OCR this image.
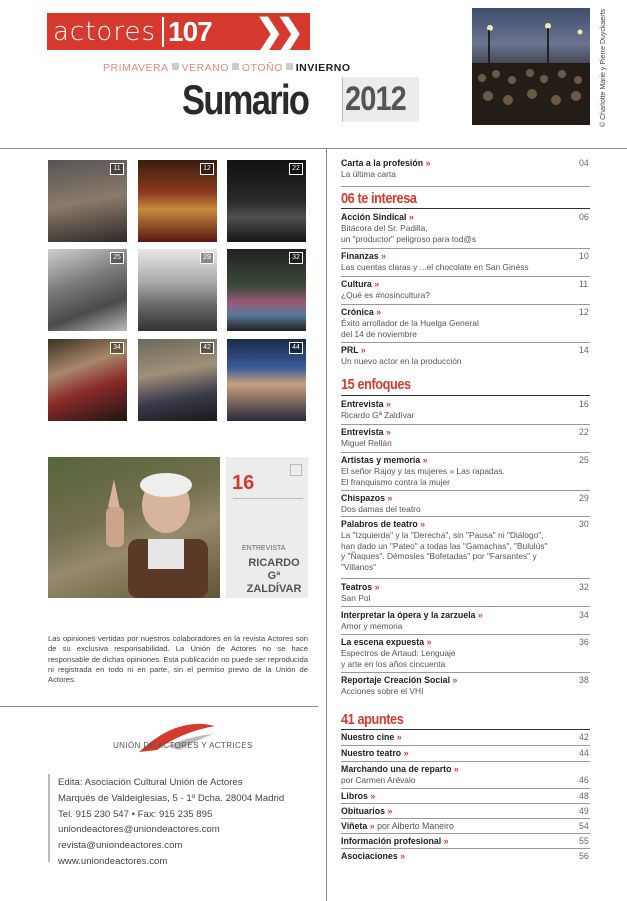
actores 107 ❯❯
PRIMAVERA VERANO OTOÑO INVIERNO
Sumario 2012	© Charlotte Marie y Pierre Duyckaerts
11	12	22
25	29	32
34	42	44
16
ENTREVISTA
RICARDO Gª ZALDÍVAR
Las opiniones vertidas por nuestros colaboradores en la revista Actores son de su exclusiva responsabilidad. La Unión de Actores no se hace responsable de dichas opiniones. Esta publicación no puede ser reproducida ni registrada en todo ni en parte, sin el permiso previo de la Unión de Actores.
UNIÓN DE ACTORES Y ACTRICES
Edita: Asociación Cultural Unión de Actores
Marqués de Valdeiglesias, 5 - 1º Dcha. 28004 Madrid
Tel. 915 230 547 • Fax: 915 235 895
uniondeactores@uniondeactores.com
revista@uniondeactores.com
www.uniondeactores.com
Carta a la profesión »
La última carta
04
06 te interesa
Acción Sindical »
Bitácora del Sr. Padilla,
un "productor" peligroso para tod@s
06
Finanzas »
Las cuentas claras y ...el chocolate en San Ginéss
10
Cultura »
¿Qué es #nosincultura?
11
Crónica »
Éxito arrollador de la Huelga General
del 14 de noviembre
12
PRL »
Un nuevo actor en la producción
14
15 enfoques
Entrevista »
Ricardo Gª Zaldívar
16
Entrevista »
Miguel Rellán
22
Artistas y memoria »
El señor Rajoy y las mujeres » Las rapadas.
El franquismo contra la mujer
25
Chispazos »
Dos damas del teatro
29
Palabros de teatro »
La "Izquierda" y la "Derecha", sin "Pausa" ni "Diálogo",
han dado un "Pateo" a todas las "Gamachas", "Bululús"
y "Ñaques". Démosles "Bofetadas" por "Farsantes" y
"Villanos"
30
Teatros »
San Pol
32
Interpretar la ópera y la zarzuela »
Amor y memoria
34
La escena expuesta »
Espectros de Artaud: Lenguaje
y arte en los años cincuenta
36
Reportaje Creación Social »
Acciones sobre el VHI
38
41 apuntes
Nuestro cine »	42
Nuestro teatro »	44
Marchando una de reparto »
por Carmen Arévalo	46
Libros »	48
Obituarios »	49
Viñeta » por Alberto Maneiro	54
Información profesional »	55
Asociaciones »	56
